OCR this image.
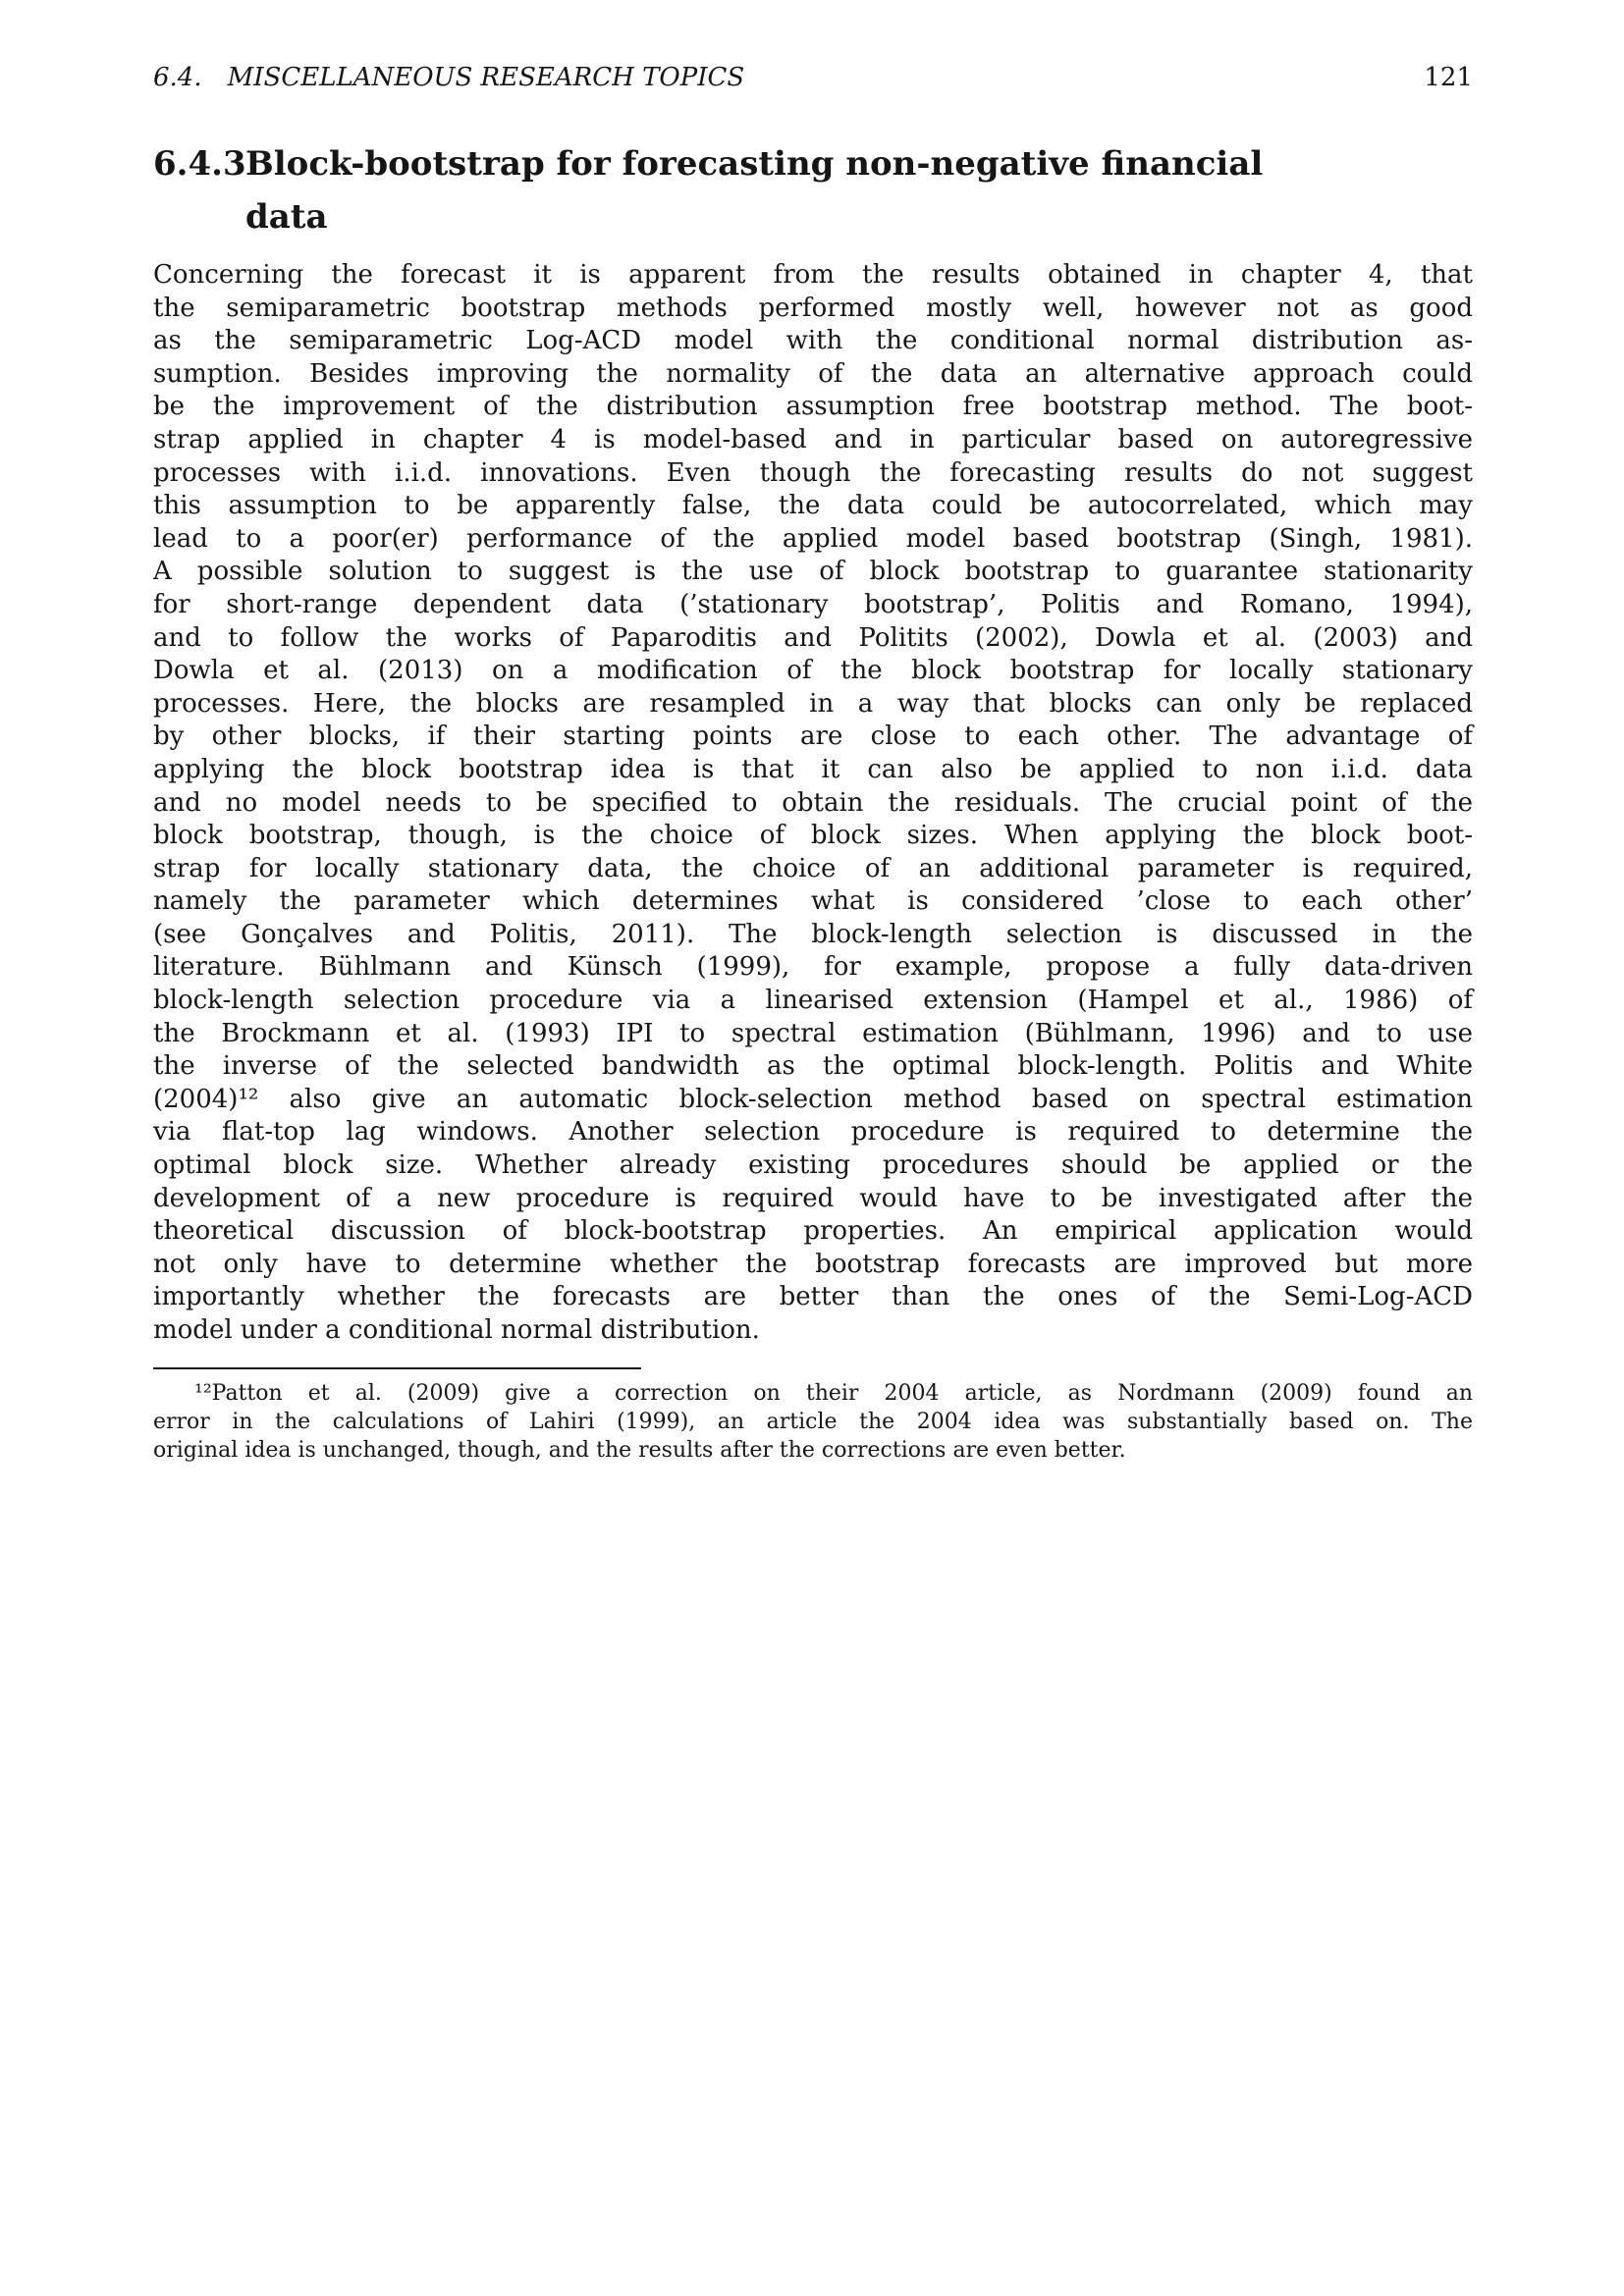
6.4. MISCELLANEOUS RESEARCH TOPICS	121
6.4.3 Block-bootstrap for forecasting non-negative financial
data
Concerning the forecast it is apparent from the results obtained in chapter 4, that
the semiparametric bootstrap methods performed mostly well, however not as good
as the semiparametric Log-ACD model with the conditional normal distribution as-
sumption. Besides improving the normality of the data an alternative approach could
be the improvement of the distribution assumption free bootstrap method. The boot-
strap applied in chapter 4 is model-based and in particular based on autoregressive
processes with i.i.d. innovations. Even though the forecasting results do not suggest
this assumption to be apparently false, the data could be autocorrelated, which may
lead to a poor(er) performance of the applied model based bootstrap (Singh, 1981).
A possible solution to suggest is the use of block bootstrap to guarantee stationarity
for short-range dependent data (’stationary bootstrap’, Politis and Romano, 1994),
and to follow the works of Paparoditis and Politits (2002), Dowla et al. (2003) and
Dowla et al. (2013) on a modification of the block bootstrap for locally stationary
processes. Here, the blocks are resampled in a way that blocks can only be replaced
by other blocks, if their starting points are close to each other. The advantage of
applying the block bootstrap idea is that it can also be applied to non i.i.d. data
and no model needs to be specified to obtain the residuals. The crucial point of the
block bootstrap, though, is the choice of block sizes. When applying the block boot-
strap for locally stationary data, the choice of an additional parameter is required,
namely the parameter which determines what is considered ’close to each other’
(see Gonçalves and Politis, 2011). The block-length selection is discussed in the
literature. Bühlmann and Künsch (1999), for example, propose a fully data-driven
block-length selection procedure via a linearised extension (Hampel et al., 1986) of
the Brockmann et al. (1993) IPI to spectral estimation (Bühlmann, 1996) and to use
the inverse of the selected bandwidth as the optimal block-length. Politis and White
(2004)¹² also give an automatic block-selection method based on spectral estimation
via flat-top lag windows. Another selection procedure is required to determine the
optimal block size. Whether already existing procedures should be applied or the
development of a new procedure is required would have to be investigated after the
theoretical discussion of block-bootstrap properties. An empirical application would
not only have to determine whether the bootstrap forecasts are improved but more
importantly whether the forecasts are better than the ones of the Semi-Log-ACD
model under a conditional normal distribution.
¹²Patton et al. (2009) give a correction on their 2004 article, as Nordmann (2009) found an
error in the calculations of Lahiri (1999), an article the 2004 idea was substantially based on. The
original idea is unchanged, though, and the results after the corrections are even better.
